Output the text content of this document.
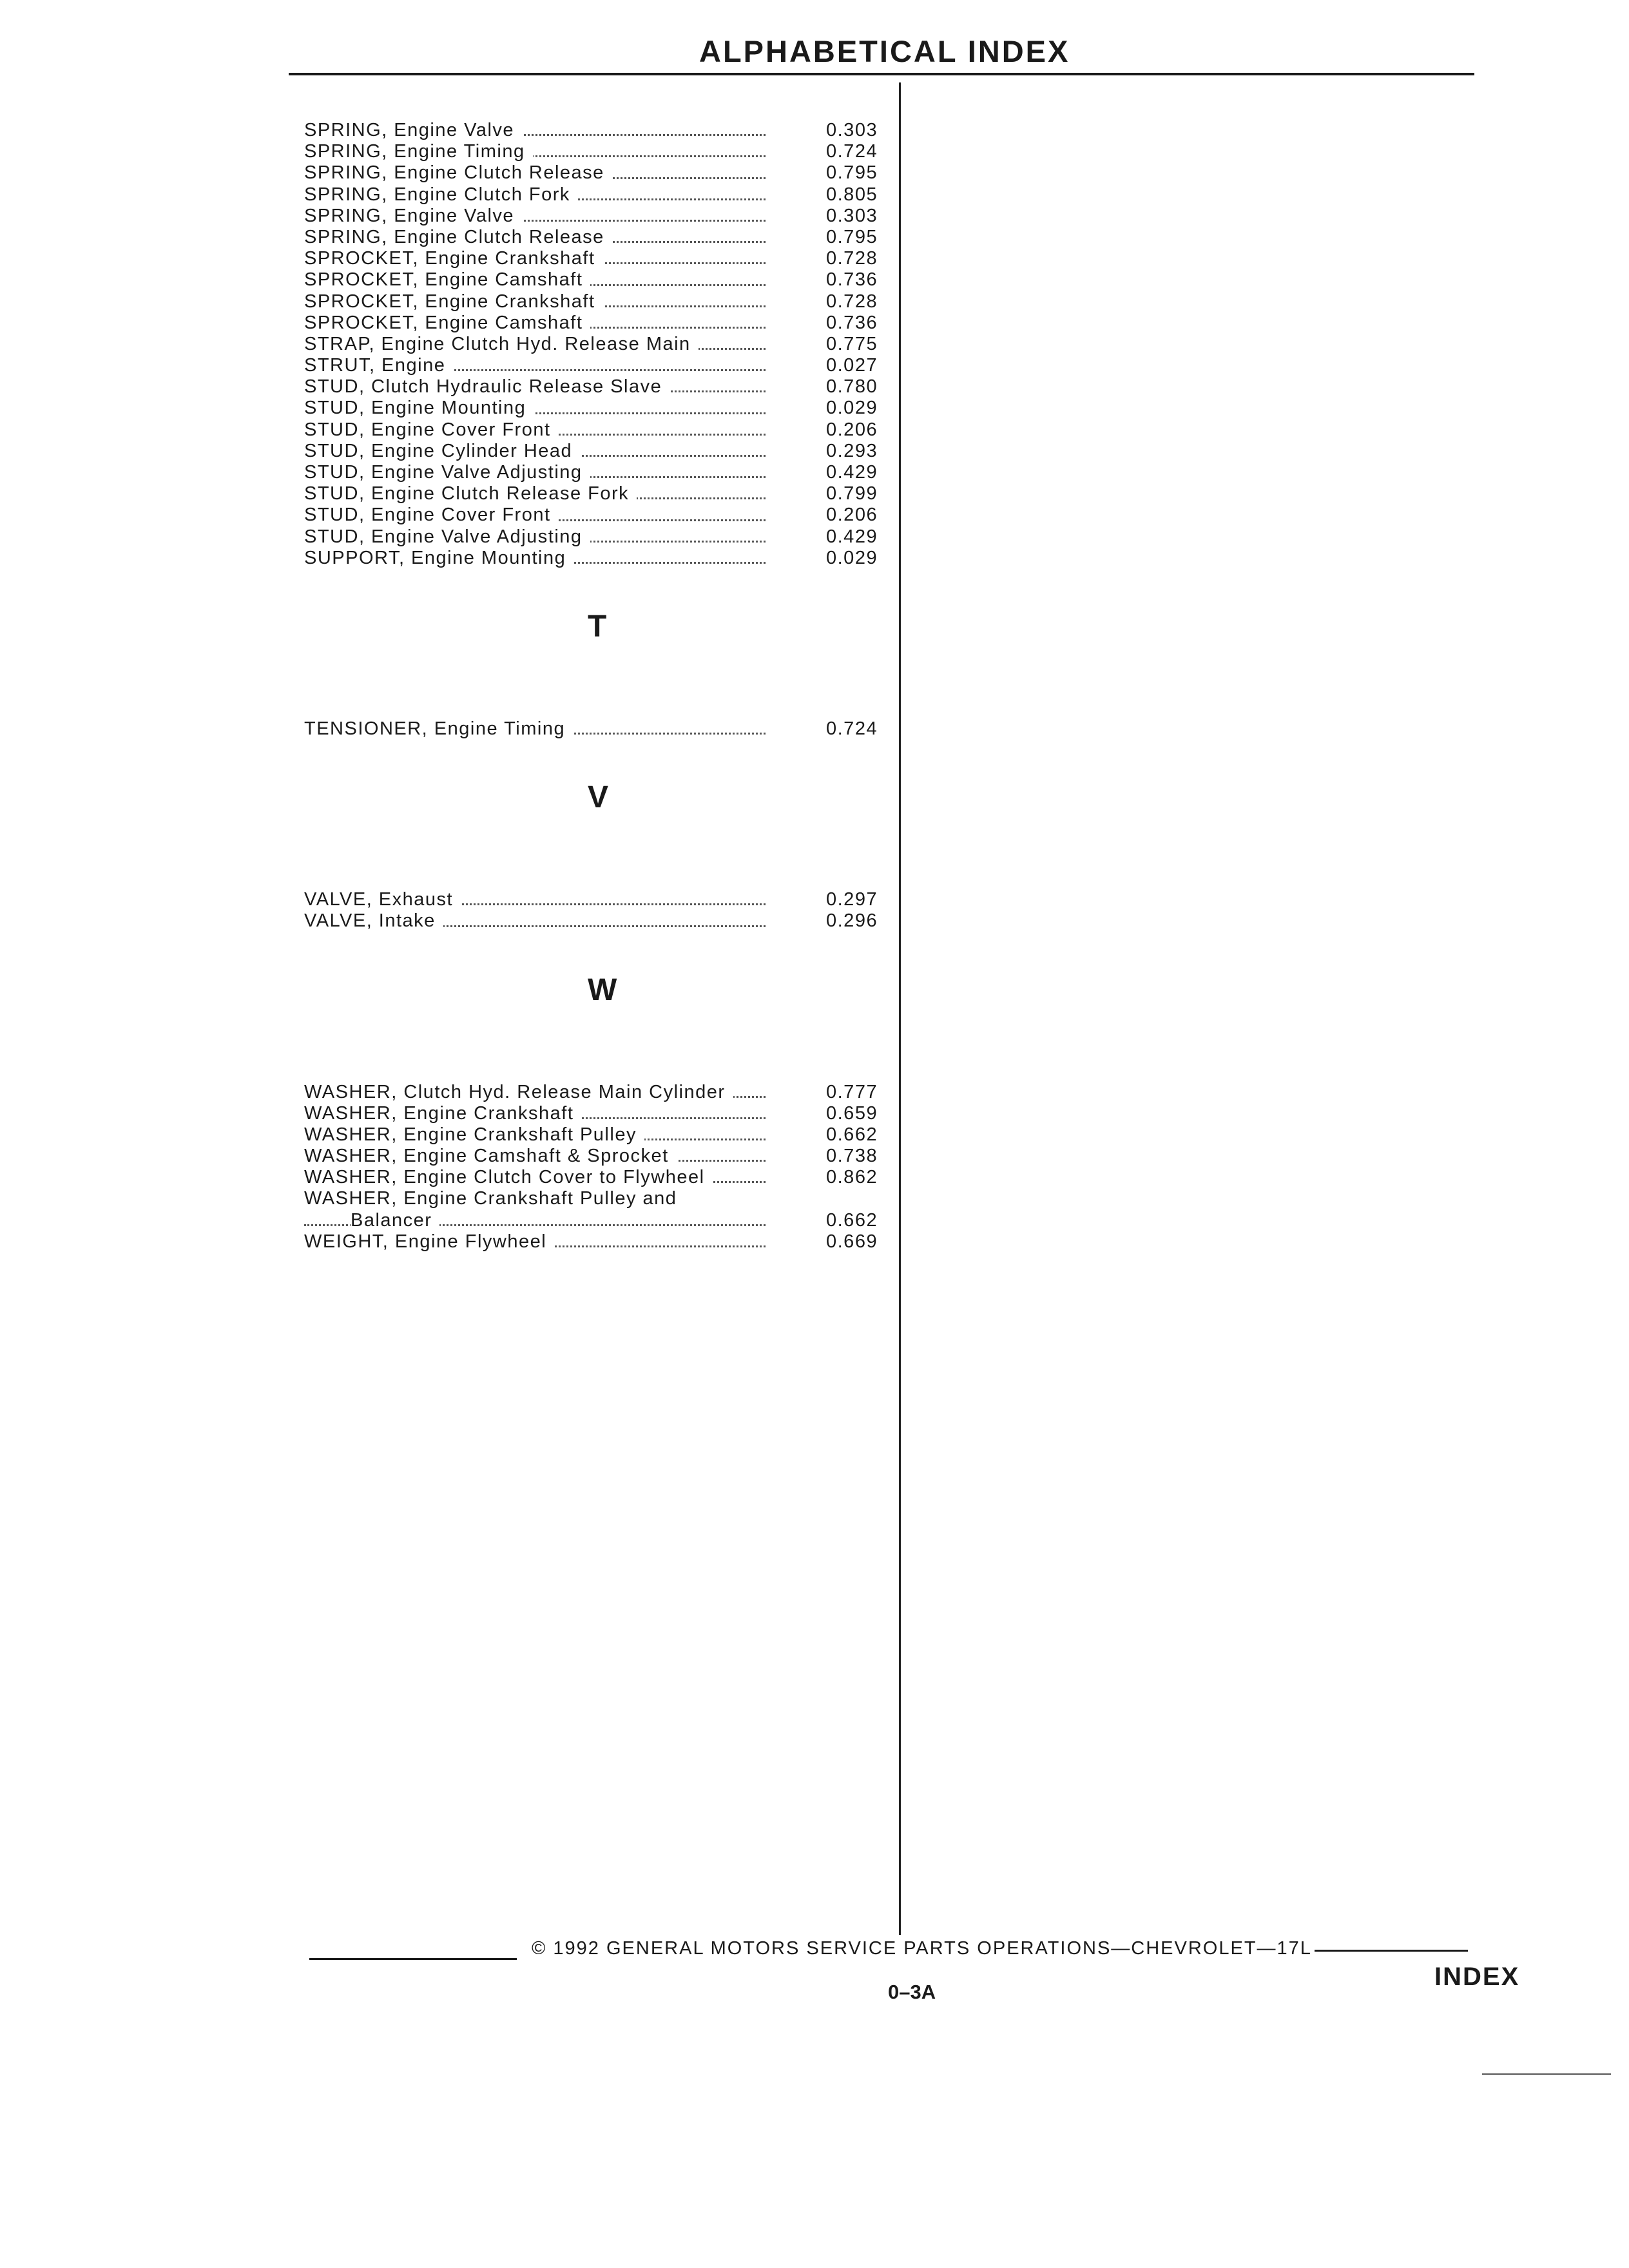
ALPHABETICAL INDEX
SPRING, Engine Valve	0.303
SPRING, Engine Timing	0.724
SPRING, Engine Clutch Release	0.795
SPRING, Engine Clutch Fork	0.805
SPRING, Engine Valve	0.303
SPRING, Engine Clutch Release	0.795
SPROCKET, Engine Crankshaft	0.728
SPROCKET, Engine Camshaft	0.736
SPROCKET, Engine Crankshaft	0.728
SPROCKET, Engine Camshaft	0.736
STRAP, Engine Clutch Hyd. Release Main	0.775
STRUT, Engine	0.027
STUD, Clutch Hydraulic Release Slave	0.780
STUD, Engine Mounting	0.029
STUD, Engine Cover Front	0.206
STUD, Engine Cylinder Head	0.293
STUD, Engine Valve Adjusting	0.429
STUD, Engine Clutch Release Fork	0.799
STUD, Engine Cover Front	0.206
STUD, Engine Valve Adjusting	0.429
SUPPORT, Engine Mounting	0.029
T
TENSIONER, Engine Timing	0.724
V
VALVE, Exhaust	0.297
VALVE, Intake	0.296
W
WASHER, Clutch Hyd. Release Main Cylinder	0.777
WASHER, Engine Crankshaft	0.659
WASHER, Engine Crankshaft Pulley	0.662
WASHER, Engine Camshaft & Sprocket	0.738
WASHER, Engine Clutch Cover to Flywheel	0.862
WASHER, Engine Crankshaft Pulley and
Balancer	0.662
WEIGHT, Engine Flywheel	0.669
© 1992 GENERAL MOTORS SERVICE PARTS OPERATIONS—CHEVROLET—17L
0–3A
INDEX
